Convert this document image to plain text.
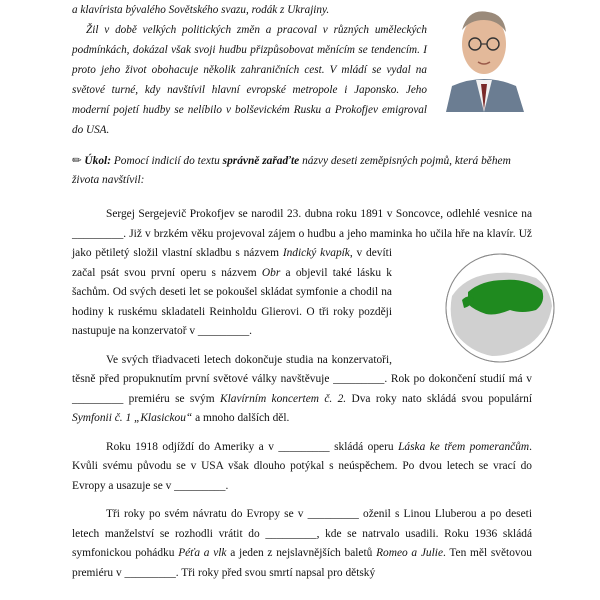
a klavírista bývalého Sovětského svazu, rodák z Ukrajiny.

Žil v době velkých politických změn a pracoval v různých uměleckých podmínkách, dokázal však svoji hudbu přizpůsobovat měnícím se tendencím. I proto jeho život obohacuje několik zahraničních cest. V mládí se vydal na světové turné, kdy navštívil hlavní evropské metropole i Japonsko. Jeho moderní pojetí hudby se nelíbilo v bolševickém Rusku a Prokofjev emigroval do USA.

✏ Úkol: Pomocí indicií do textu správně zařaďte názvy deseti zeměpisných pojmů, která během života navštívil:

Sergej Sergejevič Prokofjev se narodil 23. dubna roku 1891 v Soncovce, odlehlé vesnice na _________. Již v brzkém věku projevoval zájem o hudbu a jeho maminka ho učila hře na klavír. Už jako pětiletý složil vlastní skladbu s názvem
Indický kvapík, v devíti začal psát svou první operu s názvem Obr a objevil také lásku k šachům. Od svých deseti let se pokoušel skládat symfonie a chodil na hodiny k ruskému skladateli Reinholdu Glierovi. O tři roky později nastupuje na konzervatoř v _________.

Ve svých třiadvaceti letech dokončuje studia na konzervatoři, těsně před propuknutím první světové války navštěvuje _________. Rok po dokončení studií má v _________ premiéru se svým Klavírním koncertem č. 2. Dva roky nato skládá svou populární Symfonii č. 1 „Klasickou“ a mnoho dalších děl.

Roku 1918 odjíždí do Ameriky a v _________ skládá operu Láska ke třem pomerančům. Kvůli svému původu se v USA však dlouho potýkal s neúspěchem. Po dvou letech se vrací do Evropy a usazuje se v _________.

Tři roky po svém návratu do Evropy se v _________ oženil s Linou Lluberou a po deseti letech manželství se rozhodli vrátit do _________, kde se natrvalo usadili. Roku 1936 skládá symfonickou pohádku Péťa a vlk a jeden z nejslavnějších baletů Romeo a Julie. Ten měl světovou premiéru v _________. Tři roky před svou smrtí napsal pro dětský
